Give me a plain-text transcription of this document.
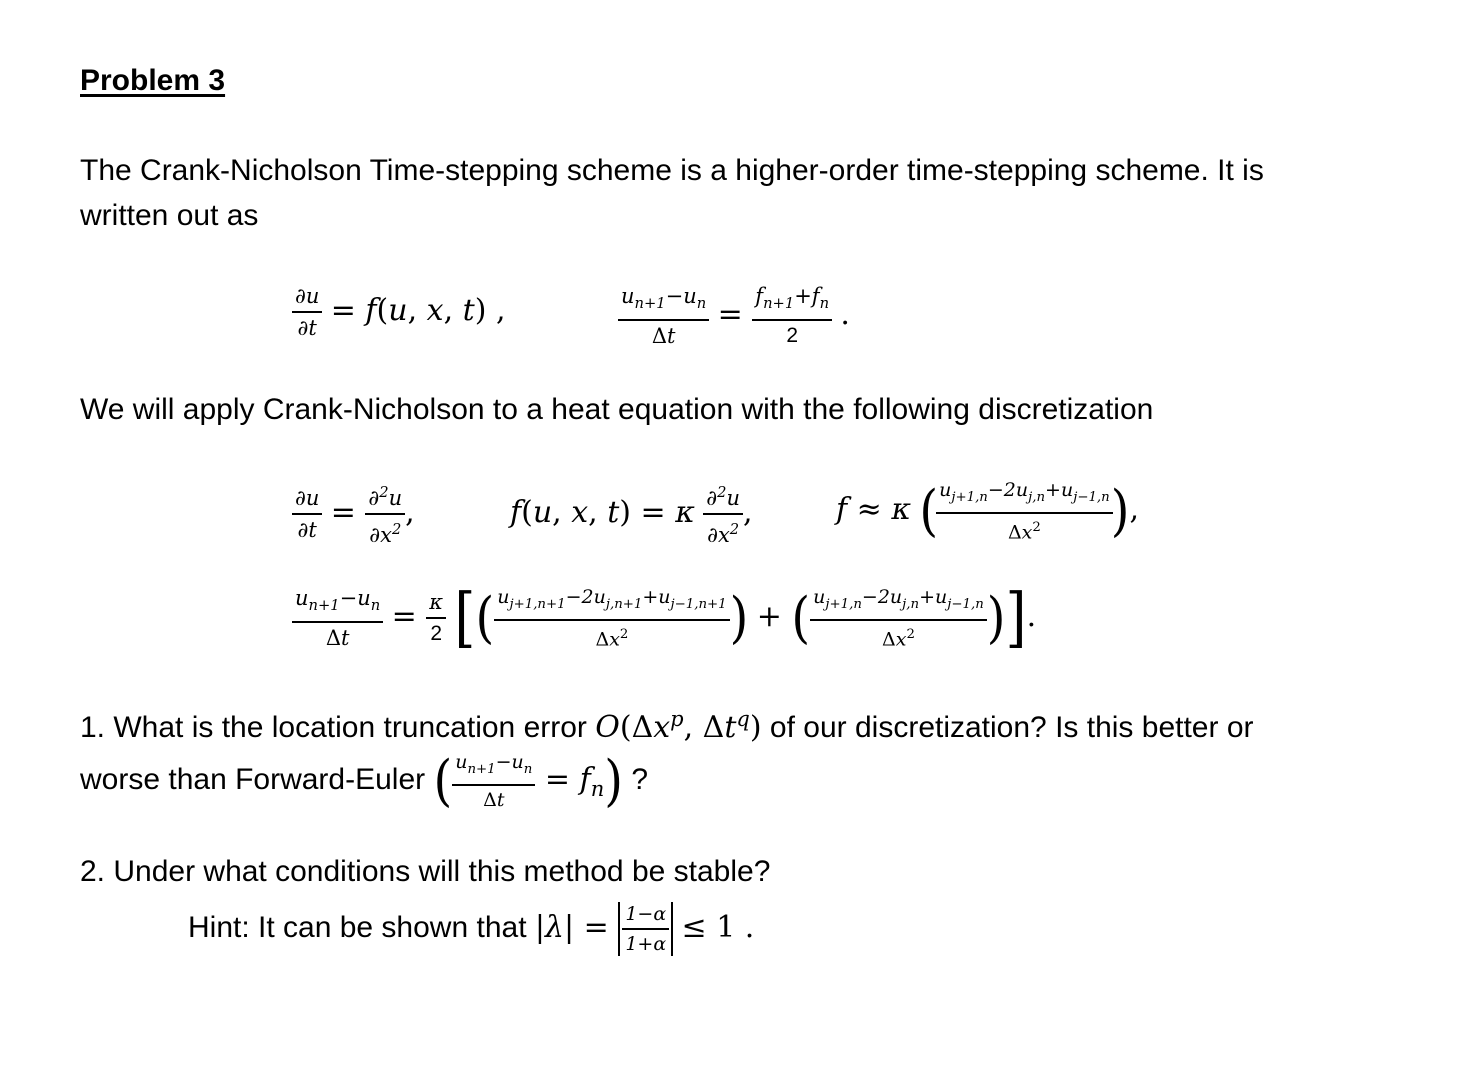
Problem 3
The Crank-Nicholson Time-stepping scheme is a higher-order time-stepping scheme. It is
written out as
$\frac{\partial u}{\partial t} = f(u$, x, t) ,	$\frac{u_{n+1}-u_n}{\Delta t} = \frac{f_{n+1}+f_n}{2}$ .
We will apply Crank-Nicholson to a heat equation with the following discretization
$\frac{\partial u}{\partial t} = \frac{\partial^2u}{\partial x^2}$ ,	f(u, x, t) = κ $\frac{\partial^2u}{\partial x^2}$ ,	f ≈ κ (
$\frac{u_{j+1,n}-2u_{j,n}+u_{j-1,n}}{\Delta x^2}$
),
$\frac{u_{n+1}-u_n}{\Delta t} = \frac{\kappa}{2}$ [( $\frac{u_{j+1,n+1}-2u_{j,n+1}+u_{j-1,n+1}}{\Delta x^2}$ ) + ( $\frac{u_{j+1,n}-2u_{j,n}+u_{j-1,n}}{\Delta x^2}$ )].
1. What is the location truncation error $O(\Delta x^p$, $\Delta t^q$) of our discretization? Is this better or
worse than Forward-Euler ( $\frac{u_{n+1}-u_n}{\Delta t} = f_n$) ?
2. Under what conditions will this method be stable?
Hint: It can be shown that $|\lambda| = \frac{1-\alpha}{1+\alpha} \le 1$ .
